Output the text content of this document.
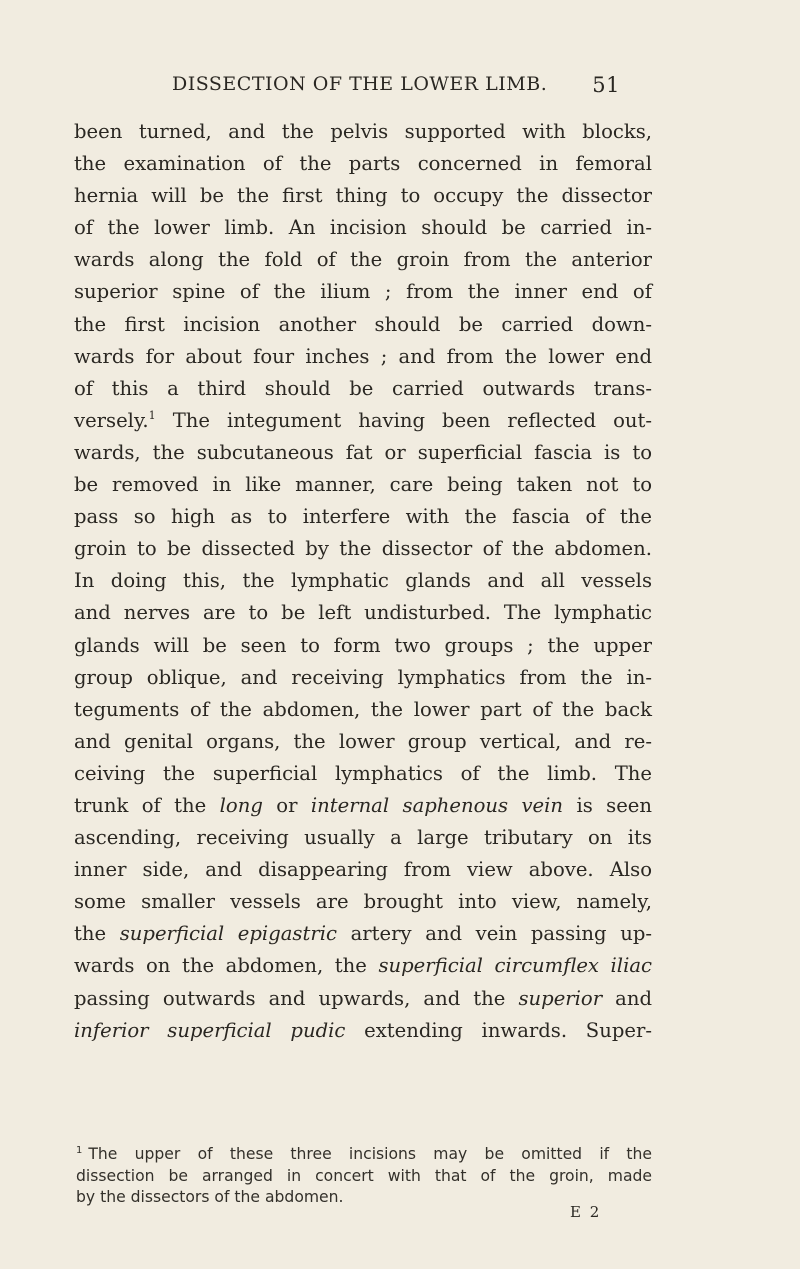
DISSECTION OF THE LOWER LIMB. 51
been turned, and the pelvis supported with blocks,
the examination of the parts concerned in femoral
hernia will be the first thing to occupy the dissector
of the lower limb. An incision should be carried in-
wards along the fold of the groin from the anterior
superior spine of the ilium ; from the inner end of
the first incision another should be carried down-
wards for about four inches ; and from the lower end
of this a third should be carried outwards trans-
versely.$^1$ The integument having been reflected out-
wards, the subcutaneous fat or superficial fascia is to
be removed in like manner, care being taken not to
pass so high as to interfere with the fascia of the
groin to be dissected by the dissector of the abdomen.
In doing this, the lymphatic glands and all vessels
and nerves are to be left undisturbed. The lymphatic
glands will be seen to form two groups ; the upper
group oblique, and receiving lymphatics from the in-
teguments of the abdomen, the lower part of the back
and genital organs, the lower group vertical, and re-
ceiving the superficial lymphatics of the limb. The
trunk of the long or internal saphenous vein is seen
ascending, receiving usually a large tributary on its
inner side, and disappearing from view above. Also
some smaller vessels are brought into view, namely,
the superficial epigastric artery and vein passing up-
wards on the abdomen, the superficial circumflex iliac
passing outwards and upwards, and the superior and
inferior superficial pudic extending inwards. Super-
$^1$ The upper of these three incisions may be omitted if the
dissection be arranged in concert with that of the groin, made
by the dissectors of the abdomen.
E 2
